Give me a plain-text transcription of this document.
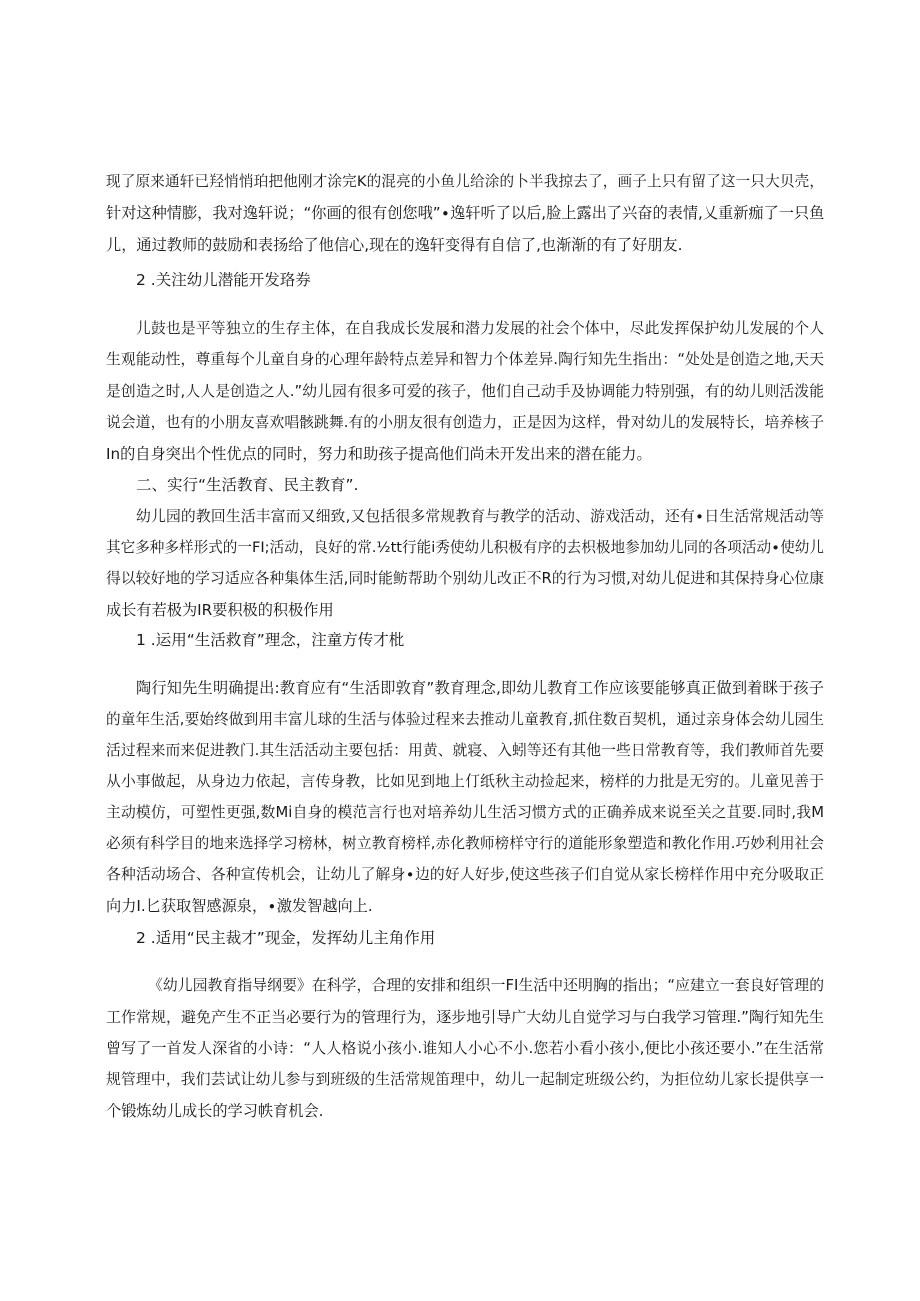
现了原来通轩已羟悄悄珀把他刚才涂完K的混亮的小鱼儿给涂的卜半我掠去了，画子上只有留了这一只大贝壳，
针对这种情膨，我对逸轩说；“你画的很有创您哦”∙逸轩听了以后,脸上露出了兴奋的表情,乂重新痂了一只鱼
儿，通过教师的鼓励和表扬给了他信心,现在的逸轩变得有自信了,也渐渐的有了好朋友.
2 .关注幼儿潜能开发珞券
儿鼓也是平等独立的生存主体，在自我成长发展和潜力发展的社会个体中，尽此发挥保护幼儿发展的个人
生观能动性，尊重每个儿童自身的心理年龄特点差异和智力个体差异.陶行知先生指出：“处处是创造之地,天天
是创造之时,人人是创造之人.”幼儿园有很多可爱的孩子，他们自己动手及协调能力特别强，有的幼儿则活泼能
说会道，也有的小朋友喜欢唱骸跳舞.有的小朋友很有创造力，正是因为这样，骨对幼儿的发展特长，培养核子
In的自身突出个性优点的同时，努力和助孩子提高他们尚未开发出来的潜在能力。
二、实行“生活教育、民主教育”.
幼儿园的教回生活丰富而又细致,又包括很多常规教育与教学的活动、游戏活动，还有∙日生活常规活动等
其它多种多样形式的一FI;活动，良好的常.½tt行能i秀使幼儿积极有序的去枳极地参加幼儿同的各项活动∙使幼儿
得以较好地的学习适应各种集体生活,同时能鲂帮助个别幼儿改正不R的行为习惯,对幼儿促进和其保持身心位康
成长有若极为IR要积极的积极作用
1 .运用“生活救育”理念，注童方传才枇
陶行知先生明确提出:教育应有“生活即敦育”教育理念,即幼儿教育工作应该要能够真正做到着眯于孩子
的童年生活,要始终做到用丰富儿球的生活与体验过程来去推动儿童教育,抓住数百契机，通过亲身体会幼儿园生
活过程来而来促进教门.其生活活动主要包括：用黄、就寝、入蚓等还有其他一些日常教育等，我们教师首先要
从小事做起，从身边力依起，言传身教，比如见到地上仃纸秋主动捡起来，榜样的力批是无穷的。儿童见善于
主动模仿，可塑性更强,数Mi自身的模范言行也对培养幼儿生活习惯方式的正确养成来说至关之苴要.同时,我M
必须有科学目的地来选择学习榜林，树立教育榜样,赤化教师榜样守行的道能形象塑造和教化作用.巧妙利用社会
各种活动场合、各种宣传机会，让幼儿了解身∙边的好人好步,使这些孩子们自觉从家长榜样作用中充分吸取正
向力I.匕获取智感源泉，∙激发智越向上.
2 .适用“民主裁才”现金，发挥幼儿主角作用
《幼儿园教育指导纲要》在科学，合理的安排和组织一FI生活中还明胸的指出；“应建立一套良好管理的
工作常规，避免产生不正当必要行为的管理行为，逐步地引导广大幼儿自觉学习与白我学习管理.”陶行知先生
曾写了一首发人深省的小诗：“人人格说小孩小.谁知人小心不小.您若小看小孩小,便比小孩还要小.”在生活常
规管理中，我们芸试让幼儿参与到班级的生活常规笛理中，幼儿一起制定班级公约，为拒位幼儿家长提供享一
个锻炼幼儿成长的学习帙育机会.
